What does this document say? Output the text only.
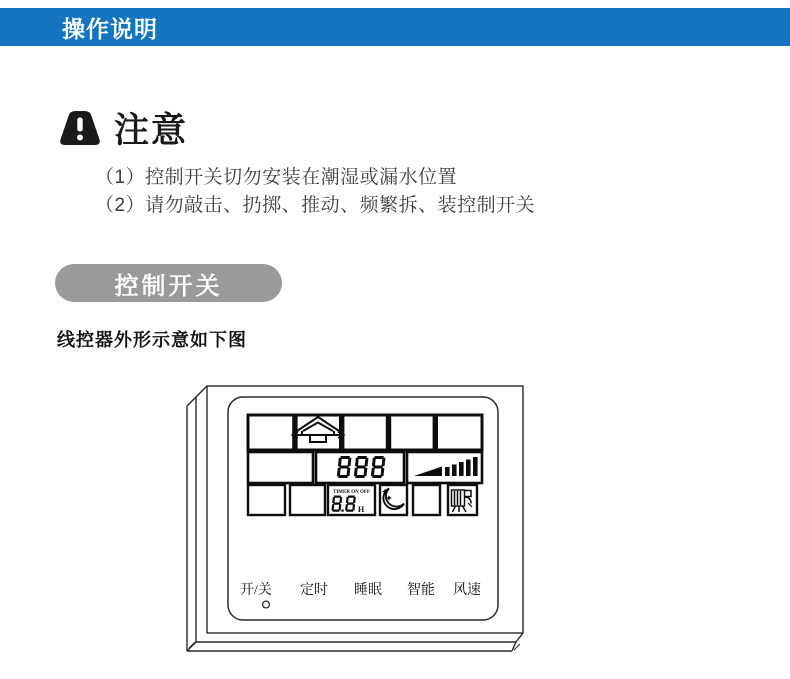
操作说明
注意
（1）控制开关切勿安装在潮湿或漏水位置
（2）请勿敲击、扔掷、推动、频繁拆、装控制开关
控制开关
线控器外形示意如下图
TIMER ON OFF
H
开/关 定时 睡眠 智能 风速
